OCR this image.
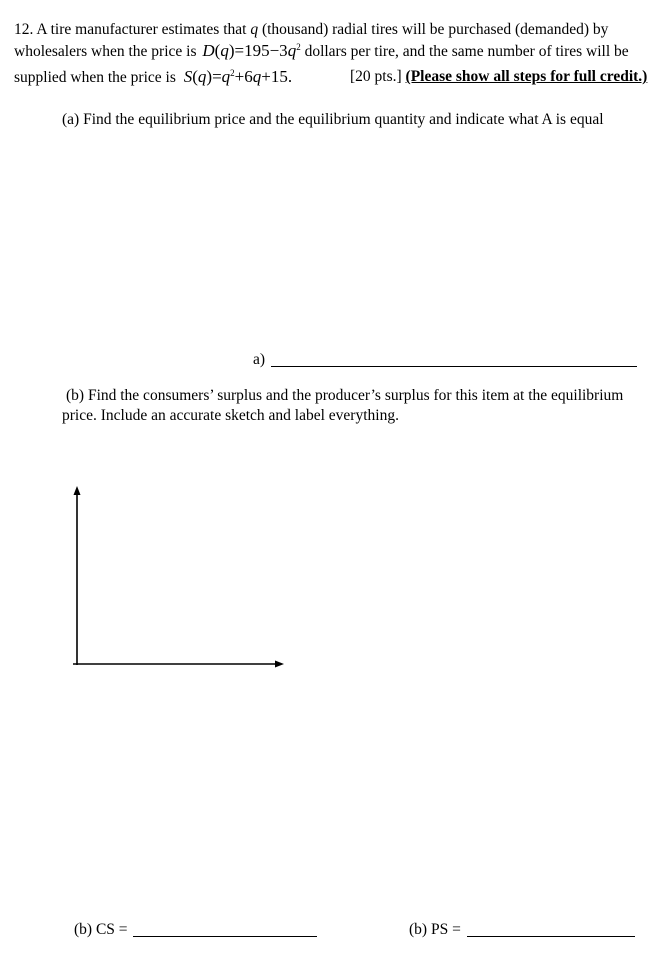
12. A tire manufacturer estimates that q (thousand) radial tires will be purchased (demanded) by
wholesalers when the price is $D(q)=195-3q^2$ dollars per tire, and the same number of tires will be
supplied when the price is $S(q)=q^2+6q+15$.	[20 pts.] (Please show all steps for full credit.)
(a) Find the equilibrium price and the equilibrium quantity and indicate what A is equal
a)
(b) Find the consumers’ surplus and the producer’s surplus for this item at the equilibrium
price. Include an accurate sketch and label everything.
(b) CS =	(b) PS =
